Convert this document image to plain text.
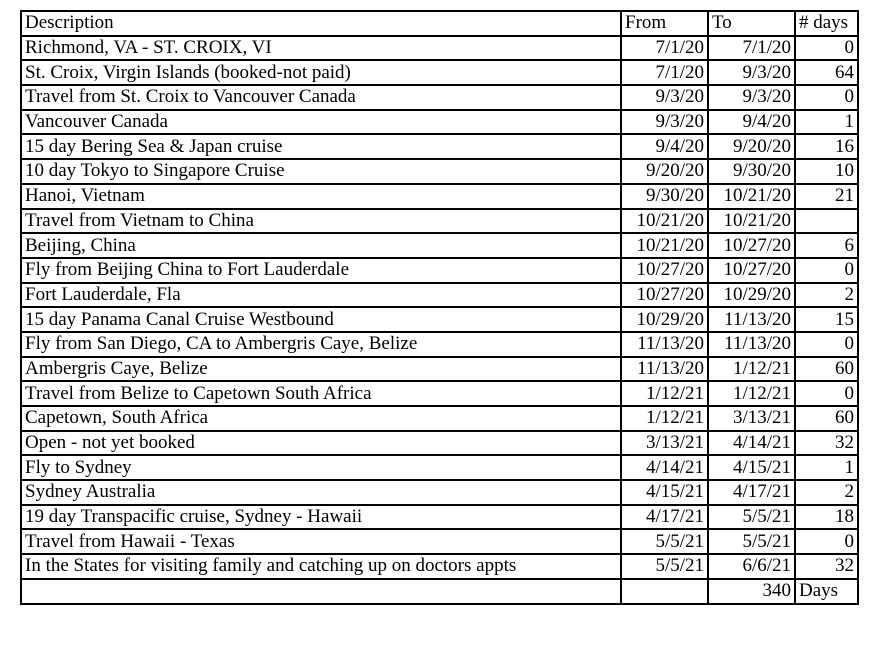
Description	From	To	# days
Richmond, VA - ST. CROIX, VI	7/1/20	7/1/20	0
St. Croix, Virgin Islands (booked-not paid)	7/1/20	9/3/20	64
Travel from St. Croix to Vancouver Canada	9/3/20	9/3/20	0
Vancouver Canada	9/3/20	9/4/20	1
15 day Bering Sea & Japan cruise	9/4/20	9/20/20	16
10 day Tokyo to Singapore Cruise	9/20/20	9/30/20	10
Hanoi, Vietnam	9/30/20	10/21/20	21
Travel from Vietnam to China	10/21/20	10/21/20	
Beijing, China	10/21/20	10/27/20	6
Fly from Beijing China to Fort Lauderdale	10/27/20	10/27/20	0
Fort Lauderdale, Fla	10/27/20	10/29/20	2
15 day Panama Canal Cruise Westbound	10/29/20	11/13/20	15
Fly from San Diego, CA to Ambergris Caye, Belize	11/13/20	11/13/20	0
Ambergris Caye, Belize	11/13/20	1/12/21	60
Travel from Belize to Capetown South Africa	1/12/21	1/12/21	0
Capetown, South Africa	1/12/21	3/13/21	60
Open - not yet booked	3/13/21	4/14/21	32
Fly to Sydney	4/14/21	4/15/21	1
Sydney Australia	4/15/21	4/17/21	2
19 day Transpacific cruise, Sydney - Hawaii	4/17/21	5/5/21	18
Travel from Hawaii - Texas	5/5/21	5/5/21	0
In the States for visiting family and catching up on doctors appts	5/5/21	6/6/21	32
		340	Days
